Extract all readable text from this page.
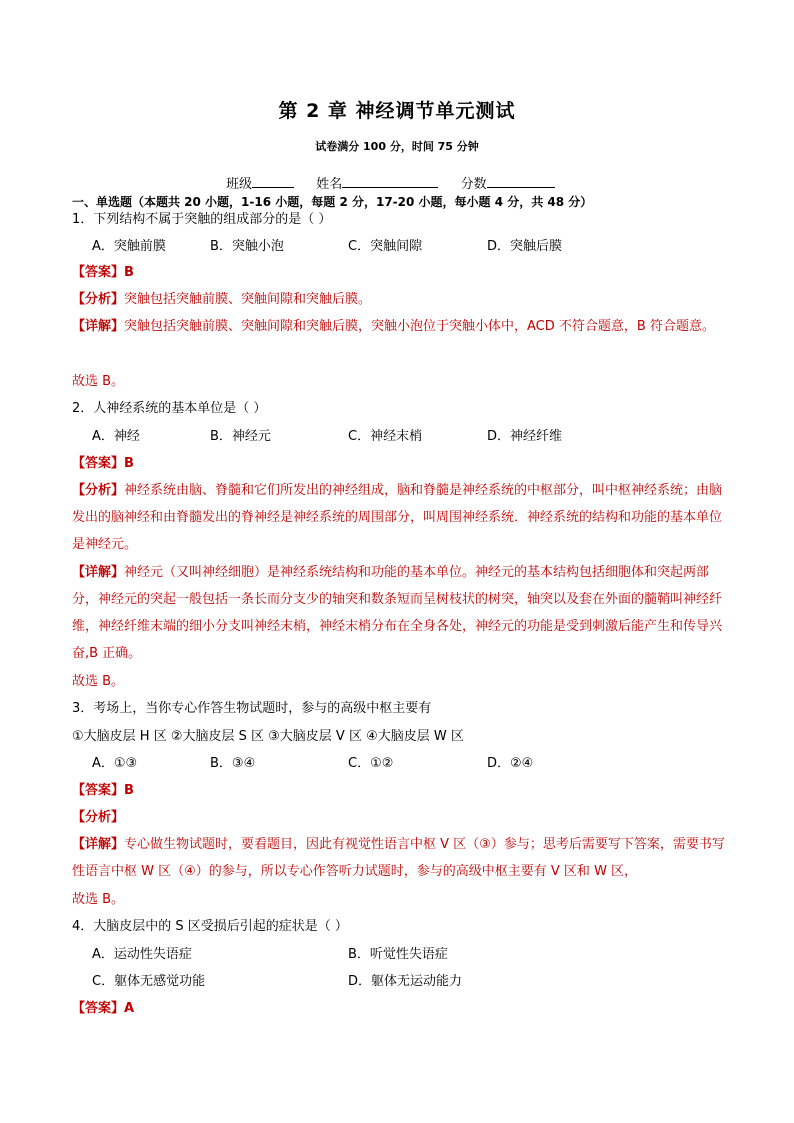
第 2 章 神经调节单元测试
试卷满分 100 分，时间 75 分钟
班级	姓名	分数
一、单选题（本题共 20 小题，1-16 小题，每题 2 分，17-20 小题，每小题 4 分，共 48 分）
1．下列结构不属于突触的组成部分的是（ ）
A．突触前膜	B．突触小泡	C．突触间隙	D．突触后膜
【答案】B
【分析】突触包括突触前膜、突触间隙和突触后膜。
【详解】突触包括突触前膜、突触间隙和突触后膜，突触小泡位于突触小体中，ACD 不符合题意，B 符合题意。
故选 B。
2．人神经系统的基本单位是（ ）
A．神经	B．神经元	C．神经末梢	D．神经纤维
【答案】B
【分析】神经系统由脑、脊髓和它们所发出的神经组成，脑和脊髓是神经系统的中枢部分，叫中枢神经系统；由脑发出的脑神经和由脊髓发出的脊神经是神经系统的周围部分，叫周围神经系统．神经系统的结构和功能的基本单位是神经元。
【详解】神经元（又叫神经细胞）是神经系统结构和功能的基本单位。神经元的基本结构包括细胞体和突起两部分，神经元的突起一般包括一条长而分支少的轴突和数条短而呈树枝状的树突，轴突以及套在外面的髓鞘叫神经纤维，神经纤维末端的细小分支叫神经末梢，神经末梢分布在全身各处，神经元的功能是受到刺激后能产生和传导兴奋,B 正确。
故选 B。
3．考场上，当你专心作答生物试题时，参与的高级中枢主要有
①大脑皮层 H 区 ②大脑皮层 S 区 ③大脑皮层 V 区 ④大脑皮层 W 区
A．①③	B．③④	C．①②	D．②④
【答案】B
【分析】
【详解】专心做生物试题时，要看题目，因此有视觉性语言中枢 V 区（③）参与；思考后需要写下答案，需要书写性语言中枢 W 区（④）的参与，所以专心作答听力试题时，参与的高级中枢主要有 V 区和 W 区，
故选 B。
4．大脑皮层中的 S 区受损后引起的症状是（ ）
A．运动性失语症	B．听觉性失语症
C．躯体无感觉功能	D．躯体无运动能力
【答案】A
